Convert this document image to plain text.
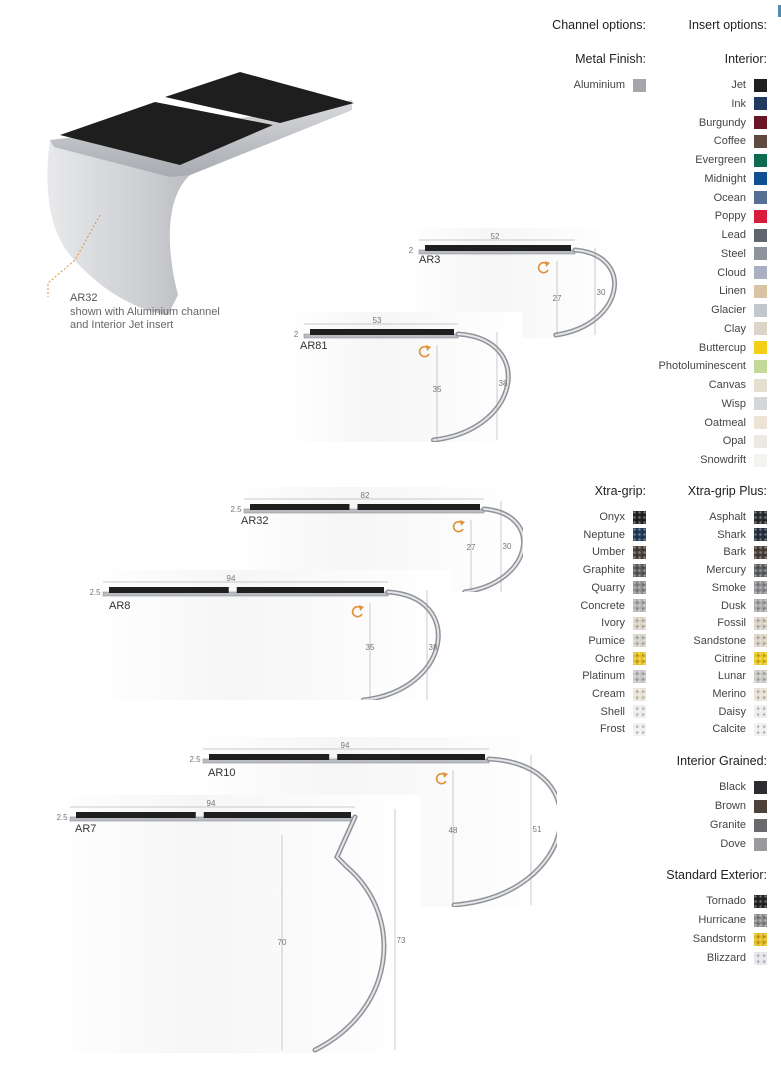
AR32
shown with Aluminium channel
and Interior Jet insert
52
2
27
30
AR3
53
2
35
38
AR81
82
2.5
27	30
AR32
94
2.5
35	38
AR8
94
2.5
48	51
AR10
94
2.5
70	73
AR7
Channel options:	Insert options:
Metal Finish:	Interior:
Xtra-grip:	Xtra-grip Plus:
Interior Grained:
Standard Exterior:
Aluminium	Jet
Ink
Burgundy
Coffee
Evergreen
Midnight
Ocean
Poppy
Lead
Steel
Cloud
Linen
Glacier
Clay
Buttercup
Photoluminescent
Canvas
Wisp
Oatmeal
Opal
Snowdrift
Onyx
Neptune
Umber
Graphite
Quarry
Concrete
Ivory
Pumice
Ochre
Platinum
Cream
Shell
Frost
Asphalt
Shark
Bark
Mercury
Smoke
Dusk
Fossil
Sandstone
Citrine
Lunar
Merino
Daisy
Calcite
Black
Brown
Granite
Dove
Tornado
Hurricane
Sandstorm
Blizzard
